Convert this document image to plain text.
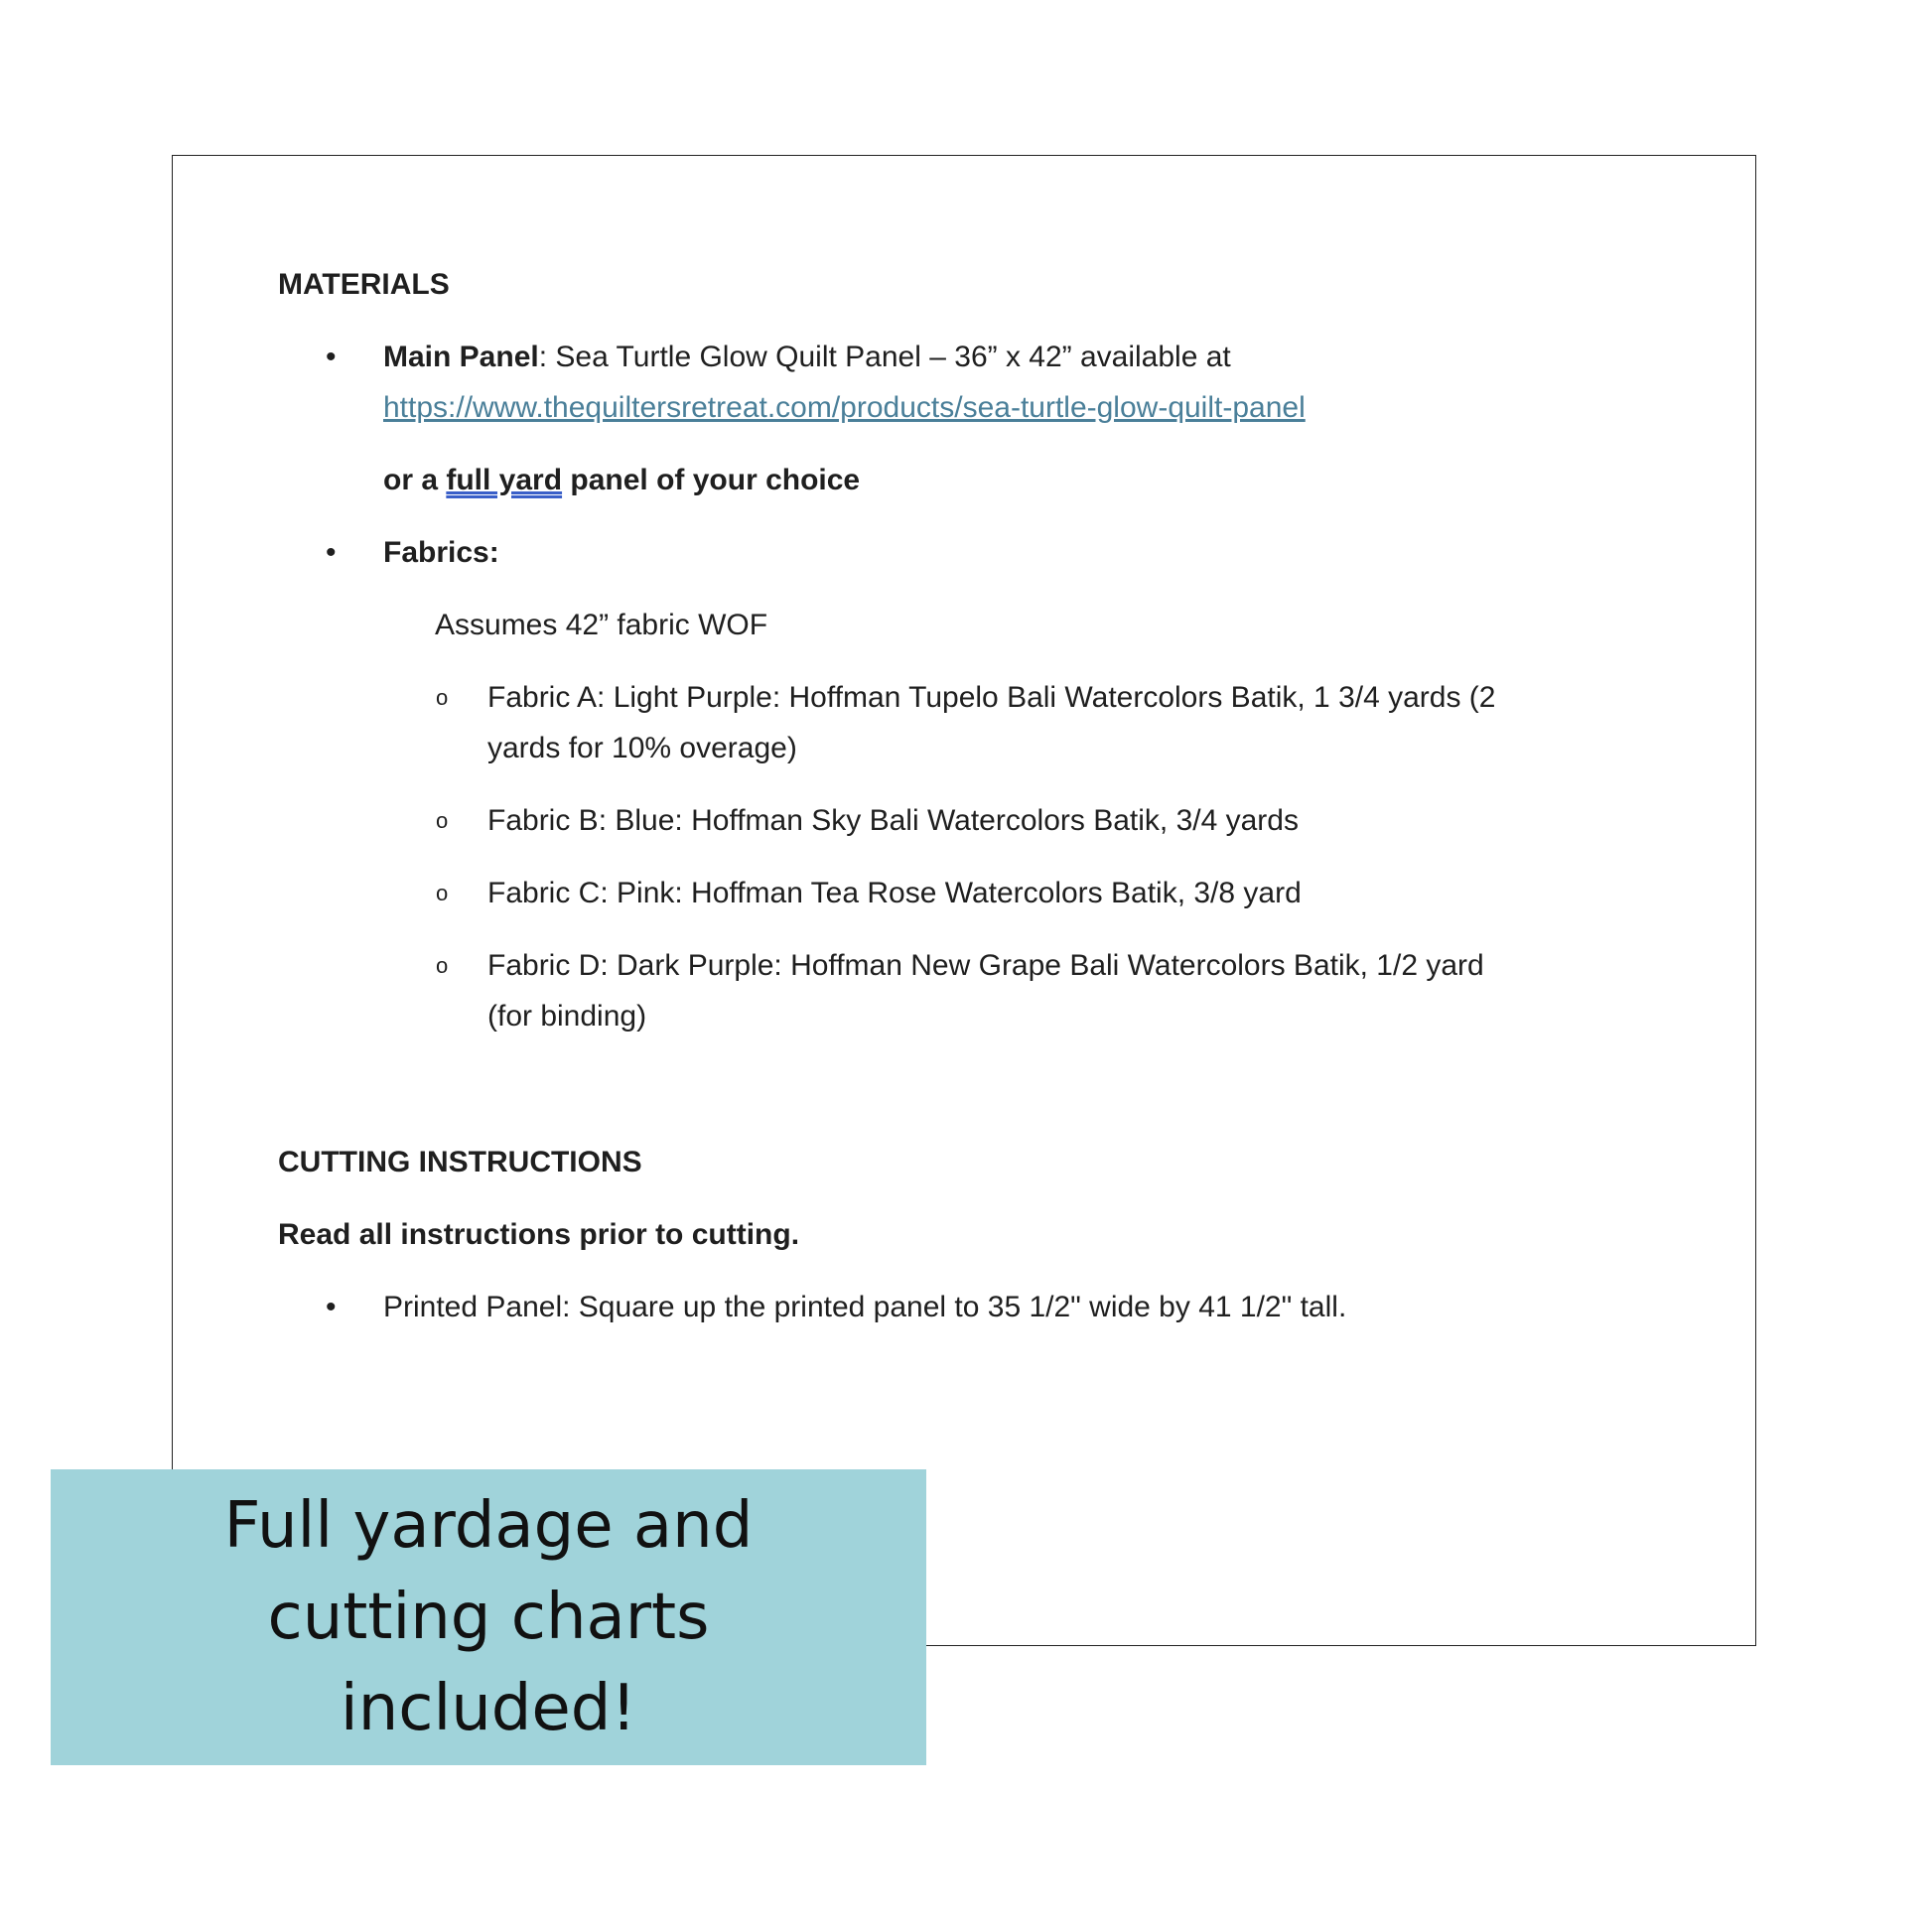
MATERIALS
• Main Panel: Sea Turtle Glow Quilt Panel – 36” x 42” available at
https://www.thequiltersretreat.com/products/sea-turtle-glow-quilt-panel
or a full yard panel of your choice
• Fabrics:
Assumes 42” fabric WOF
o Fabric A: Light Purple: Hoffman Tupelo Bali Watercolors Batik, 1 3/4 yards (2
yards for 10% overage)
o Fabric B: Blue: Hoffman Sky Bali Watercolors Batik, 3/4 yards
o Fabric C: Pink: Hoffman Tea Rose Watercolors Batik, 3/8 yard
o Fabric D: Dark Purple: Hoffman New Grape Bali Watercolors Batik, 1/2 yard
(for binding)
CUTTING INSTRUCTIONS
Read all instructions prior to cutting.
• Printed Panel: Square up the printed panel to 35 1/2" wide by 41 1/2" tall.
Full yardage and
cutting charts
included!
